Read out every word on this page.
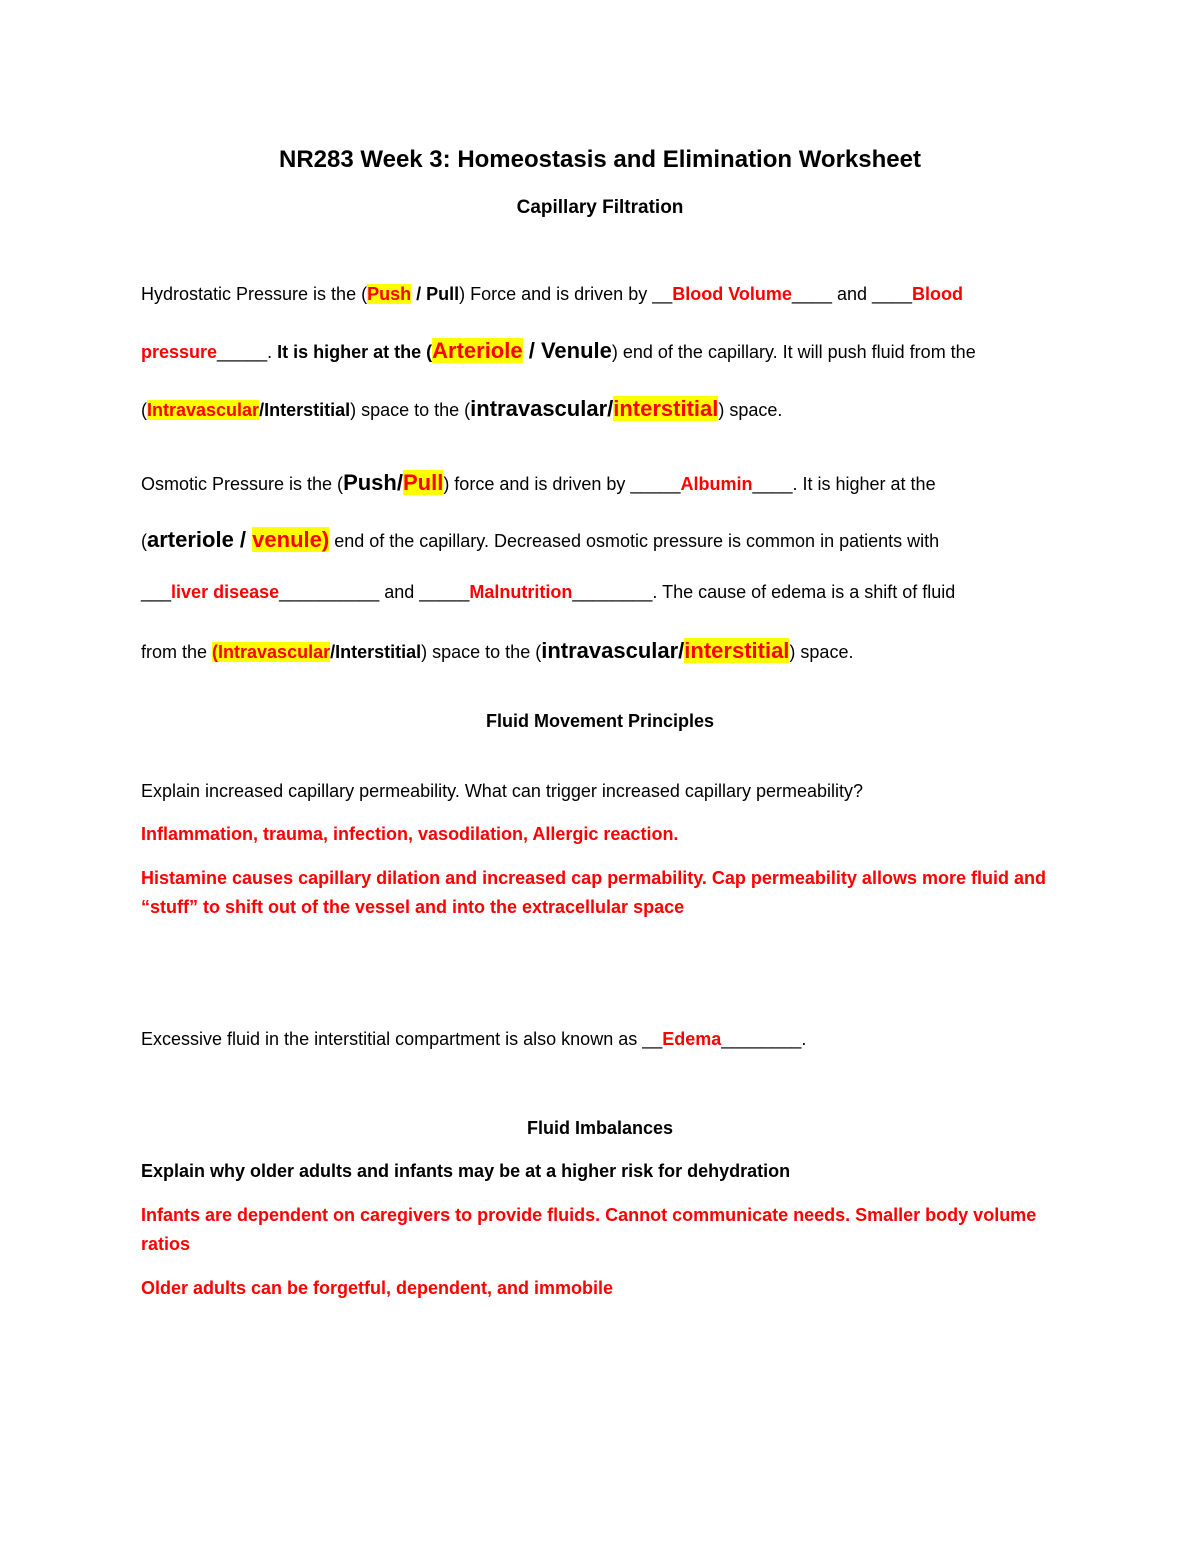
NR283 Week 3: Homeostasis and Elimination Worksheet
Capillary Filtration
Hydrostatic Pressure is the (Push / Pull) Force and is driven by __Blood Volume____ and ____Blood
pressure_____. It is higher at the (Arteriole / Venule) end of the capillary. It will push fluid from the
(Intravascular/Interstitial) space to the (intravascular/interstitial) space.
Osmotic Pressure is the (Push/Pull) force and is driven by _____Albumin____. It is higher at the
(arteriole / venule) end of the capillary. Decreased osmotic pressure is common in patients with
___liver disease__________ and _____Malnutrition________. The cause of edema is a shift of fluid
from the (Intravascular/Interstitial) space to the (intravascular/interstitial) space.
Fluid Movement Principles
Explain increased capillary permeability. What can trigger increased capillary permeability?
Inflammation, trauma, infection, vasodilation, Allergic reaction.
Histamine causes capillary dilation and increased cap permability. Cap permeability allows more fluid and “stuff” to shift out of the vessel and into the extracellular space
Excessive fluid in the interstitial compartment is also known as __Edema________.
Fluid Imbalances
Explain why older adults and infants may be at a higher risk for dehydration
Infants are dependent on caregivers to provide fluids. Cannot communicate needs. Smaller body volume ratios
Older adults can be forgetful, dependent, and immobile
